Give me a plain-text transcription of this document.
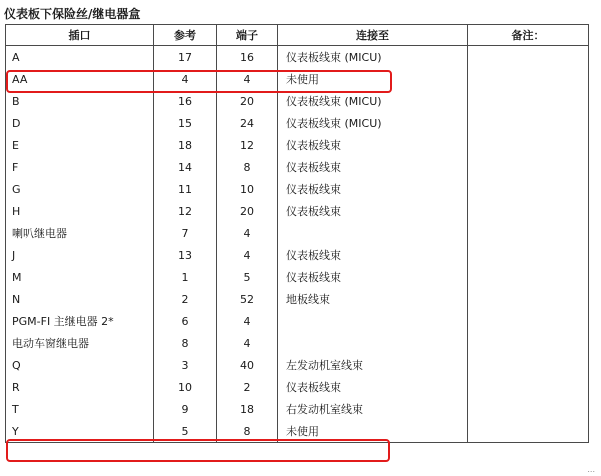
仪表板下保险丝/继电器盒
插口	参考	端子	连接至	备注：
A	17	16	仪表板线束 (MICU)	
AA	4	4	未使用	
B	16	20	仪表板线束 (MICU)	
D	15	24	仪表板线束 (MICU)	
E	18	12	仪表板线束	
F	14	8	仪表板线束	
G	11	10	仪表板线束	
H	12	20	仪表板线束	
喇叭继电器	7	4		
J	13	4	仪表板线束	
M	1	5	仪表板线束	
N	2	52	地板线束	
PGM-FI 主继电器 2*	6	4		
电动车窗继电器	8	4		
Q	3	40	左发动机室线束	
R	10	2	仪表板线束	
T	9	18	右发动机室线束	
Y	5	8	未使用	
...
